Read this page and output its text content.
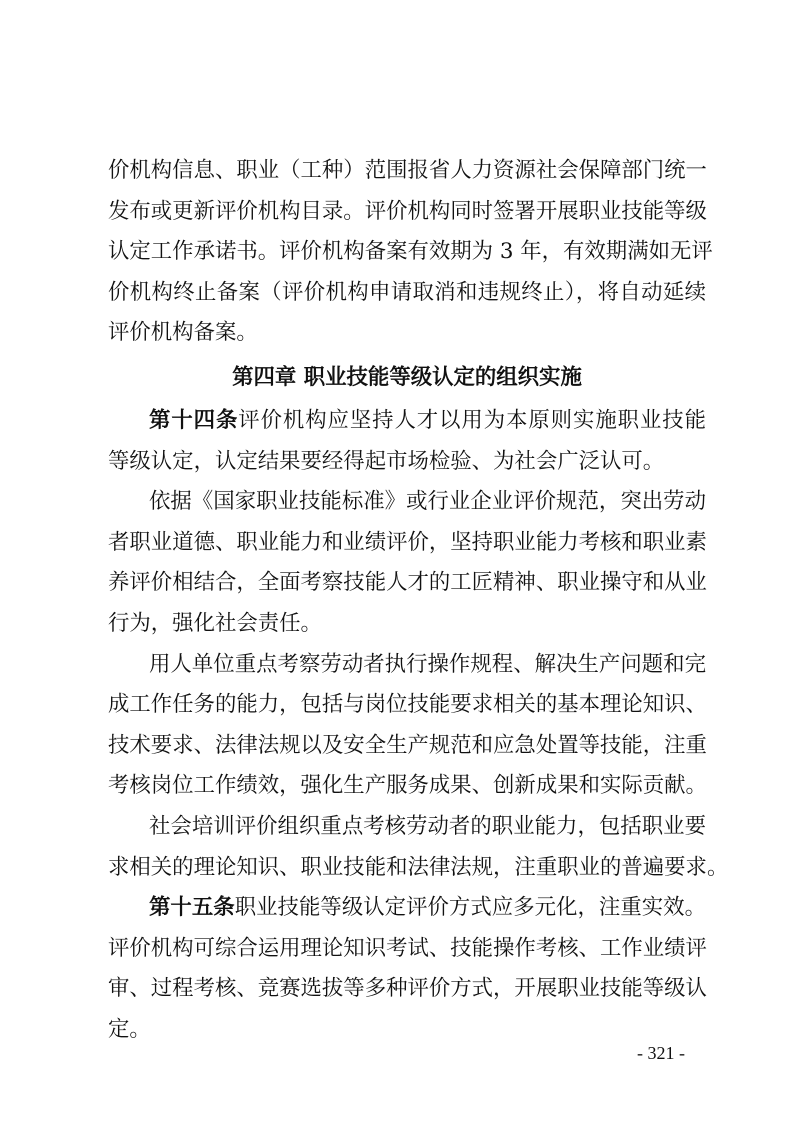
价机构信息、职业（工种）范围报省人力资源社会保障部门统一
发布或更新评价机构目录。评价机构同时签署开展职业技能等级
认定工作承诺书。评价机构备案有效期为 3 年，有效期满如无评
价机构终止备案（评价机构申请取消和违规终止），将自动延续
评价机构备案。
第四章 职业技能等级认定的组织实施
第十四条评价机构应坚持人才以用为本原则实施职业技能
等级认定，认定结果要经得起市场检验、为社会广泛认可。
依据《国家职业技能标准》或行业企业评价规范，突出劳动
者职业道德、职业能力和业绩评价，坚持职业能力考核和职业素
养评价相结合，全面考察技能人才的工匠精神、职业操守和从业
行为，强化社会责任。
用人单位重点考察劳动者执行操作规程、解决生产问题和完
成工作任务的能力，包括与岗位技能要求相关的基本理论知识、
技术要求、法律法规以及安全生产规范和应急处置等技能，注重
考核岗位工作绩效，强化生产服务成果、创新成果和实际贡献。
社会培训评价组织重点考核劳动者的职业能力，包括职业要
求相关的理论知识、职业技能和法律法规，注重职业的普遍要求。
第十五条职业技能等级认定评价方式应多元化，注重实效。
评价机构可综合运用理论知识考试、技能操作考核、工作业绩评
审、过程考核、竞赛选拔等多种评价方式，开展职业技能等级认
定。
- 321 -
